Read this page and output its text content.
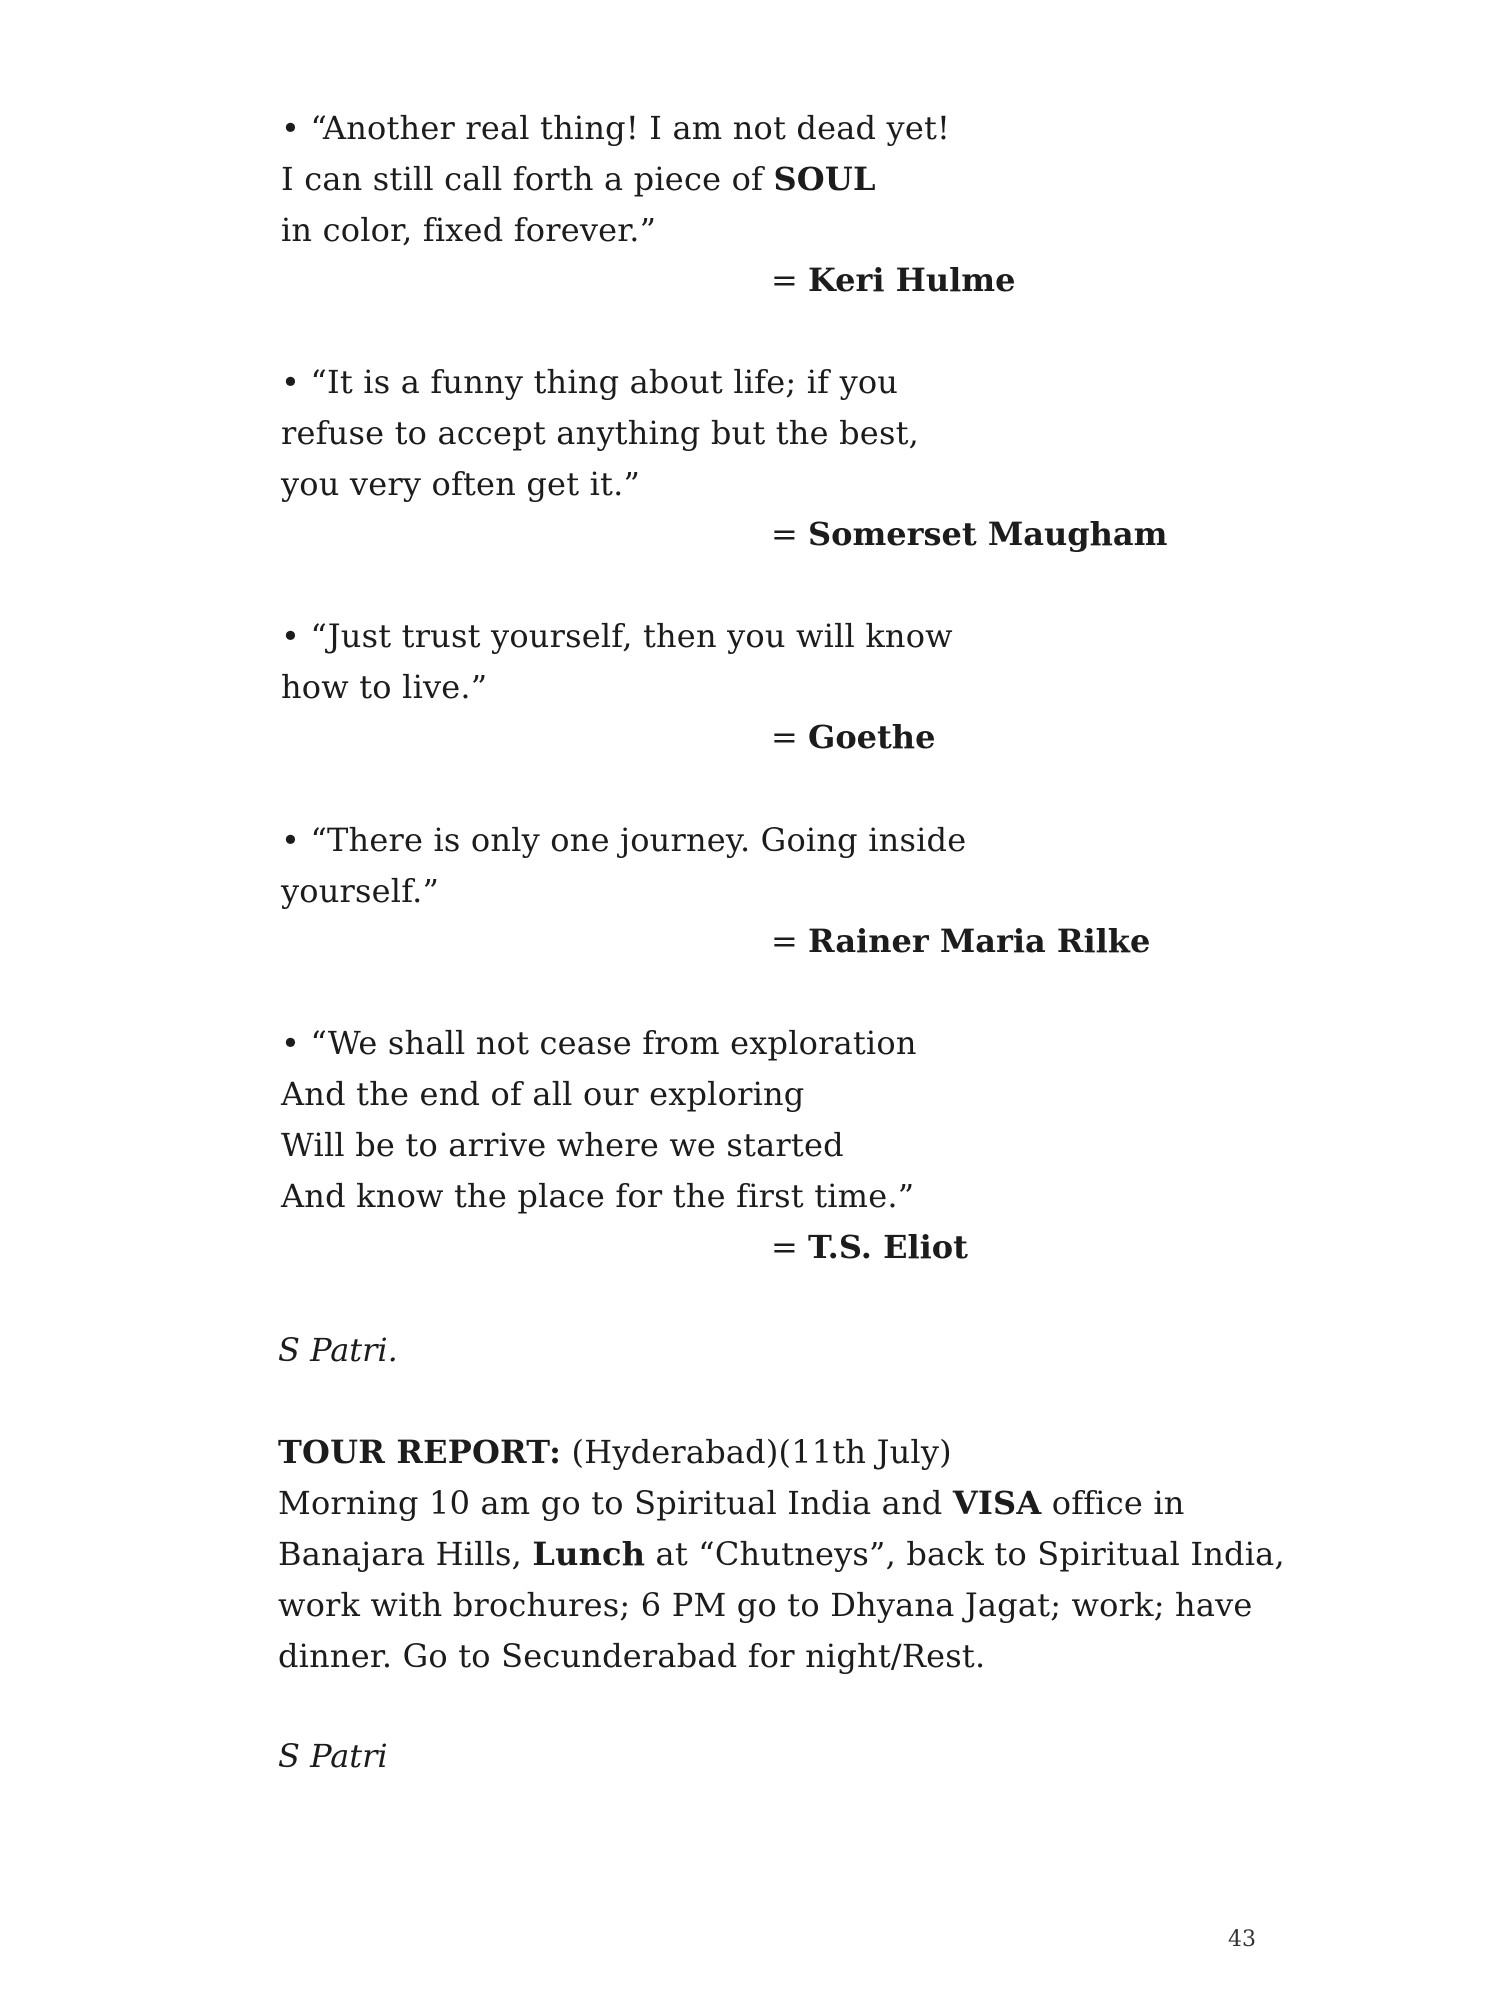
• “Another real thing! I am not dead yet!
I can still call forth a piece of SOUL
in color, fixed forever.”
= Keri Hulme
• “It is a funny thing about life; if you
refuse to accept anything but the best,
you very often get it.”
= Somerset Maugham
• “Just trust yourself, then you will know
how to live.”
= Goethe
• “There is only one journey. Going inside
yourself.”
= Rainer Maria Rilke
• “We shall not cease from exploration
And the end of all our exploring
Will be to arrive where we started
And know the place for the first time.”
= T.S. Eliot
S Patri.
TOUR REPORT: (Hyderabad)(11th July)
Morning 10 am go to Spiritual India and VISA office in
Banajara Hills, Lunch at “Chutneys”, back to Spiritual India,
work with brochures; 6 PM go to Dhyana Jagat; work; have
dinner. Go to Secunderabad for night/Rest.
S Patri
43
